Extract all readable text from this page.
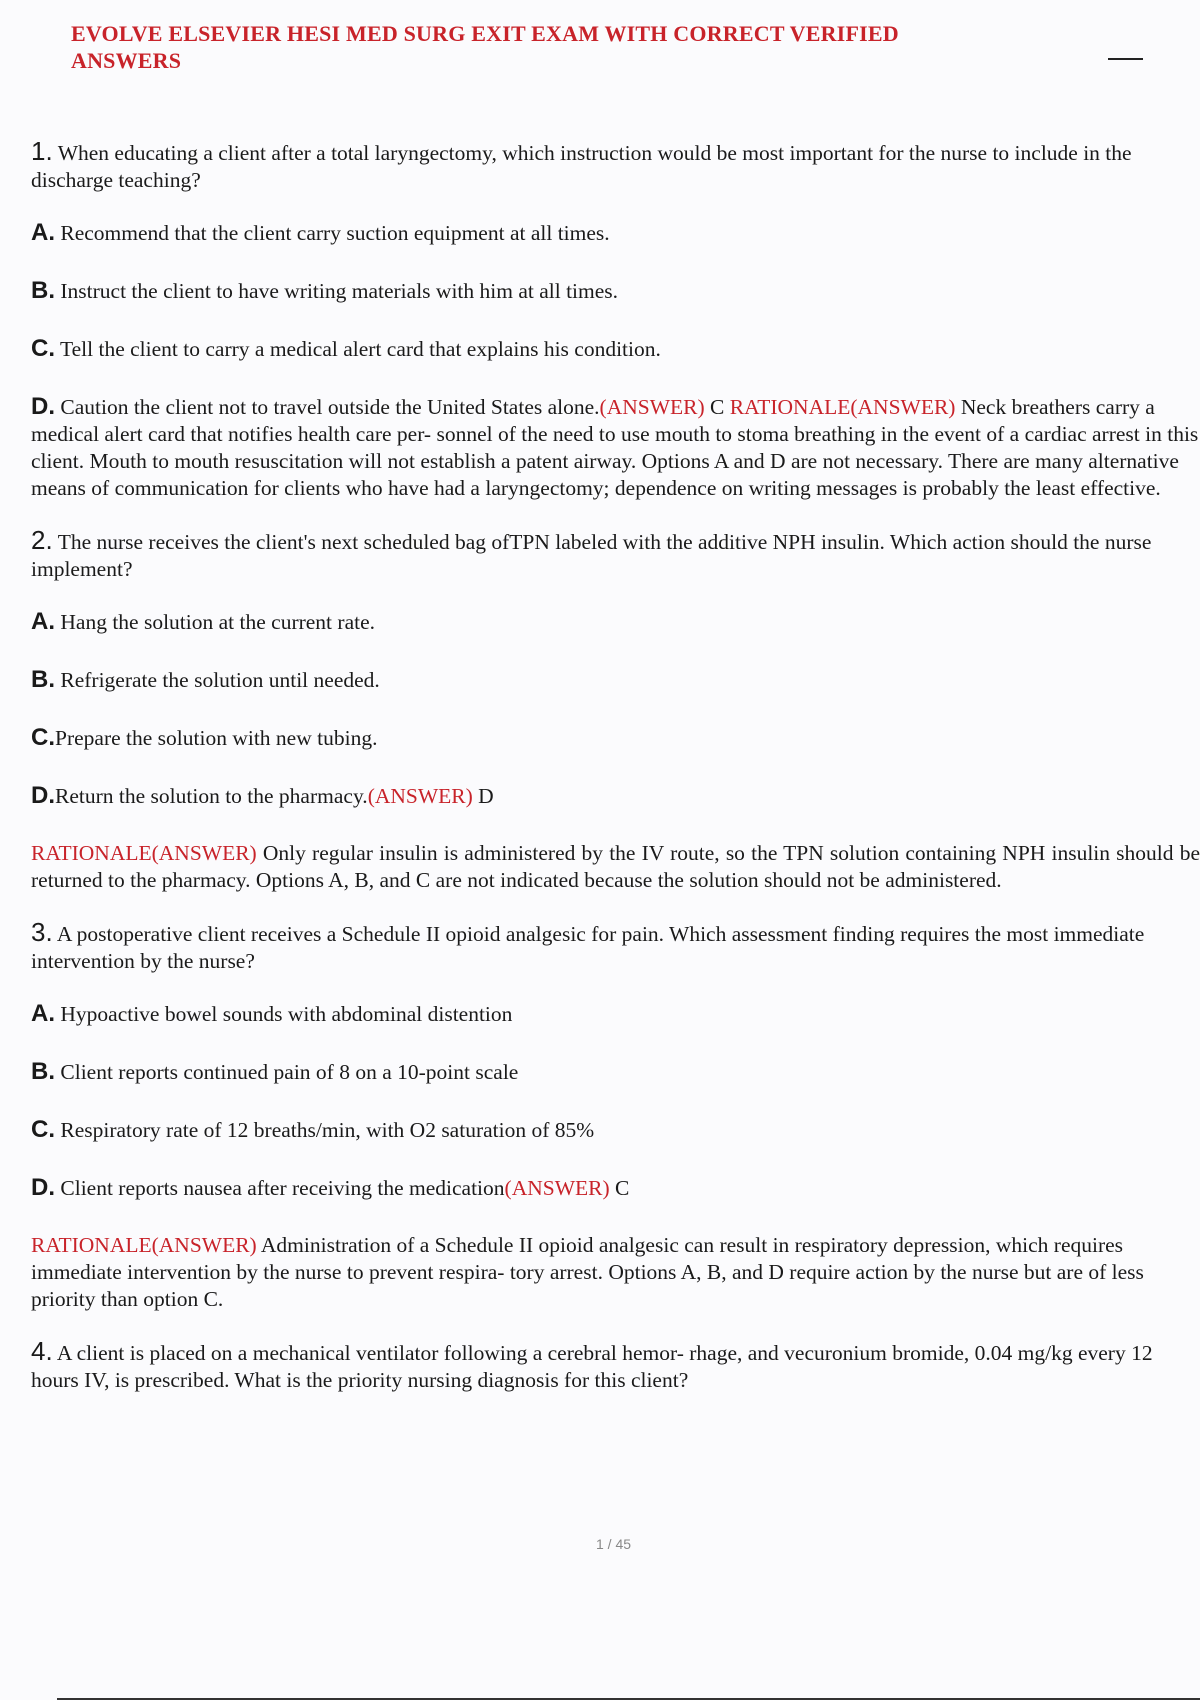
EVOLVE ELSEVIER HESI MED SURG EXIT EXAM WITH CORRECT VERIFIED ANSWERS

1. When educating a client after a total laryngectomy, which instruction would be most important for the nurse to include in the discharge teaching?

A. Recommend that the client carry suction equipment at all times.

B. Instruct the client to have writing materials with him at all times.

C. Tell the client to carry a medical alert card that explains his condition.

D. Caution the client not to travel outside the United States alone.(ANSWER) C RATIONALE(ANSWER) Neck breathers carry a medical alert card that notifies health care per- sonnel of the need to use mouth to stoma breathing in the event of a cardiac arrest in this client. Mouth to mouth resuscitation will not establish a patent airway. Options A and D are not necessary. There are many alternative means of communication for clients who have had a laryngectomy; dependence on writing messages is probably the least effective.

2. The nurse receives the client's next scheduled bag ofTPN labeled with the additive NPH insulin. Which action should the nurse implement?

A. Hang the solution at the current rate.

B. Refrigerate the solution until needed.

C.Prepare the solution with new tubing.

D.Return the solution to the pharmacy.(ANSWER) D

RATIONALE(ANSWER) Only regular insulin is administered by the IV route, so the TPN solution containing NPH insulin should be returned to the pharmacy. Options A, B, and C are not indicated because the solution should not be administered.

3. A postoperative client receives a Schedule II opioid analgesic for pain. Which assessment finding requires the most immediate intervention by the nurse?

A. Hypoactive bowel sounds with abdominal distention

B. Client reports continued pain of 8 on a 10-point scale

C. Respiratory rate of 12 breaths/min, with O2 saturation of 85%

D. Client reports nausea after receiving the medication(ANSWER) C

RATIONALE(ANSWER) Administration of a Schedule II opioid analgesic can result in respiratory depression, which requires immediate intervention by the nurse to prevent respira- tory arrest. Options A, B, and D require action by the nurse but are of less priority than option C.

4. A client is placed on a mechanical ventilator following a cerebral hemor- rhage, and vecuronium bromide, 0.04 mg/kg every 12 hours IV, is prescribed. What is the priority nursing diagnosis for this client?

1 / 45
